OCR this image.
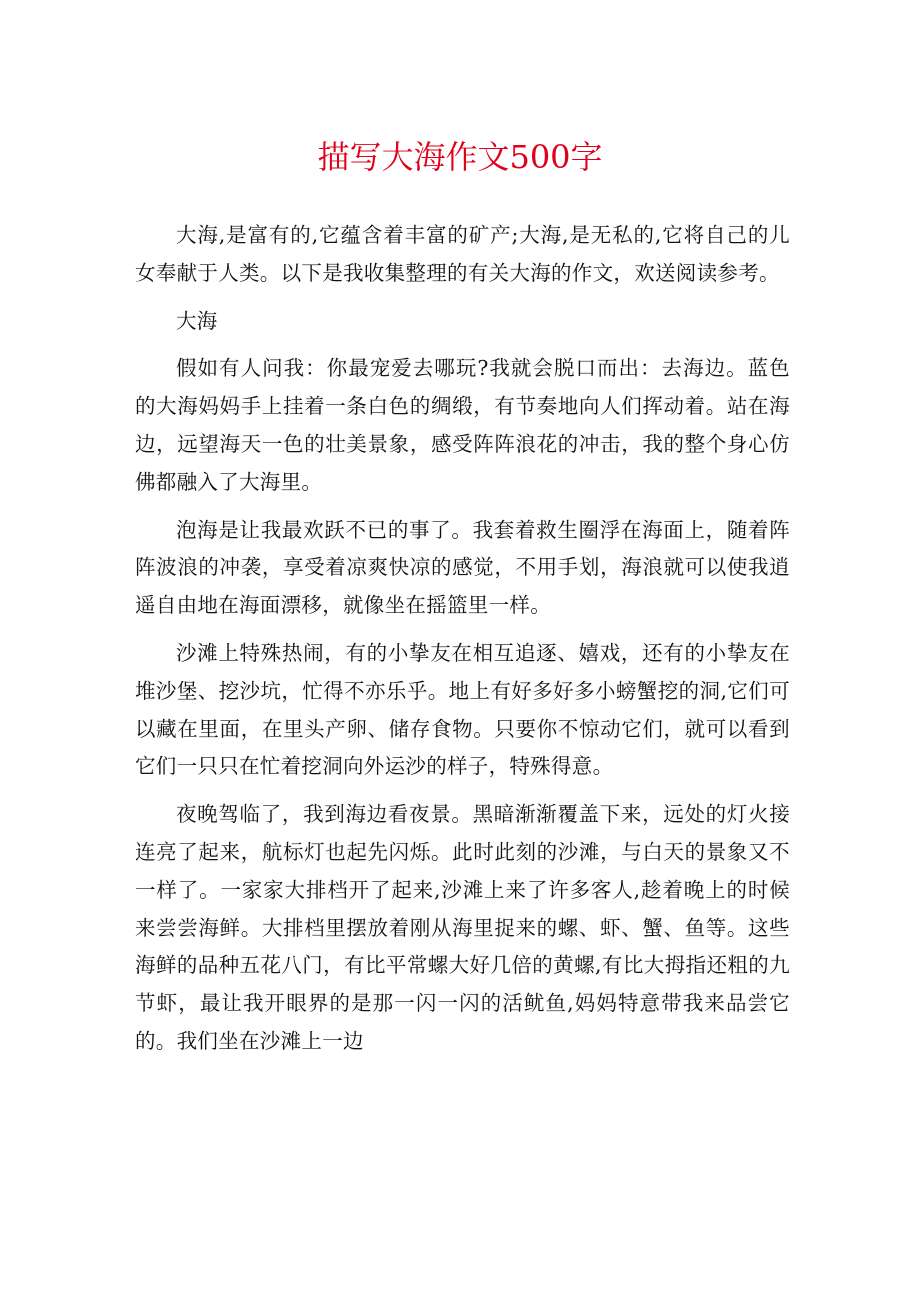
描写大海作文500字

大海,是富有的,它蕴含着丰富的矿产;大海,是无私的,它将自己的儿女奉献于人类。以下是我收集整理的有关大海的作文，欢送阅读参考。

大海

假如有人问我：你最宠爱去哪玩?我就会脱口而出：去海边。蓝色的大海妈妈手上挂着一条白色的绸缎，有节奏地向人们挥动着。站在海边，远望海天一色的壮美景象，感受阵阵浪花的冲击，我的整个身心仿佛都融入了大海里。

泡海是让我最欢跃不已的事了。我套着救生圈浮在海面上，随着阵阵波浪的冲袭，享受着凉爽快凉的感觉，不用手划，海浪就可以使我逍遥自由地在海面漂移，就像坐在摇篮里一样。

沙滩上特殊热闹，有的小挚友在相互追逐、嬉戏，还有的小挚友在堆沙堡、挖沙坑，忙得不亦乐乎。地上有好多好多小螃蟹挖的洞,它们可以藏在里面，在里头产卵、储存食物。只要你不惊动它们，就可以看到它们一只只在忙着挖洞向外运沙的样子，特殊得意。

夜晚驾临了，我到海边看夜景。黑暗渐渐覆盖下来，远处的灯火接连亮了起来，航标灯也起先闪烁。此时此刻的沙滩，与白天的景象又不一样了。一家家大排档开了起来,沙滩上来了许多客人,趁着晚上的时候来尝尝海鲜。大排档里摆放着刚从海里捉来的螺、虾、蟹、鱼等。这些海鲜的品种五花八门，有比平常螺大好几倍的黄螺,有比大拇指还粗的九节虾，最让我开眼界的是那一闪一闪的活鱿鱼,妈妈特意带我来品尝它的。我们坐在沙滩上一边
